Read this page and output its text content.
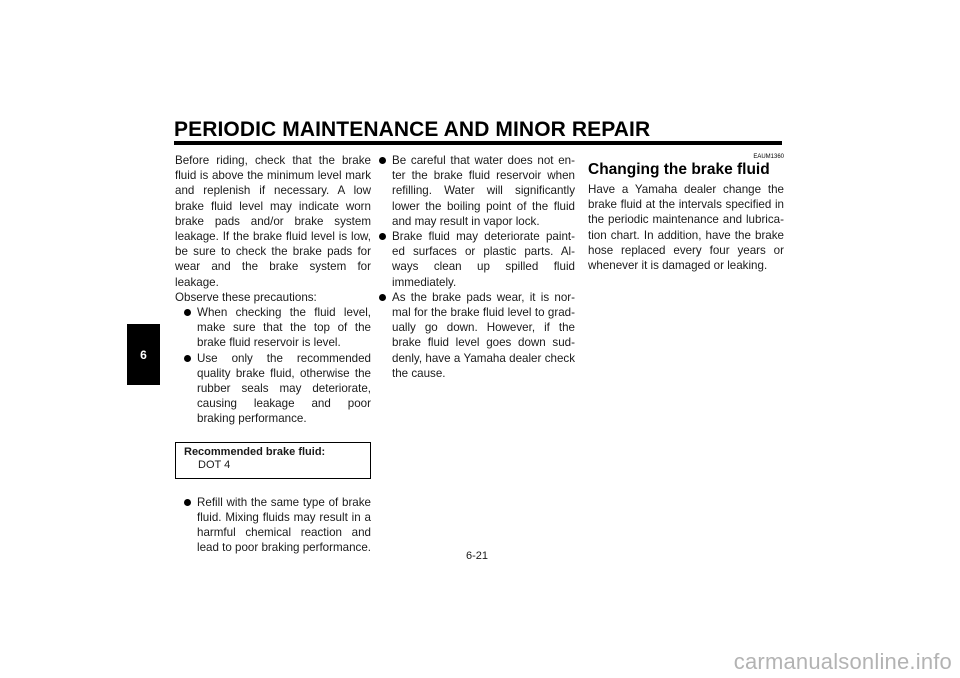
PERIODIC MAINTENANCE AND MINOR REPAIR
6

Before riding, check that the brake fluid is above the minimum level mark and replenish if necessary. A low brake fluid level may indicate worn brake pads and/or brake system leakage. If the brake fluid level is low, be sure to check the brake pads for wear and the brake system for leakage.

Observe these precautions:

When checking the fluid level, make sure that the top of the brake fluid reservoir is level.
Use only the recommended quality brake fluid, otherwise the rubber seals may deteriorate, causing leakage and poor braking performance.
Recommended brake fluid:
DOT 4
Refill with the same type of brake fluid. Mixing fluids may result in a harmful chemical reaction and lead to poor braking performance.
Be careful that water does not en-ter the brake fluid reservoir when refilling. Water will significantly lower the boiling point of the fluid and may result in vapor lock.
Brake fluid may deteriorate paint-ed surfaces or plastic parts. Al-ways clean up spilled fluid immediately.
As the brake pads wear, it is nor-mal for the brake fluid level to grad-ually go down. However, if the brake fluid level goes down sud-denly, have a Yamaha dealer check the cause.
EAUM1360
Changing the brake fluid

Have a Yamaha dealer change the brake fluid at the intervals specified in the periodic maintenance and lubrica-tion chart. In addition, have the brake hose replaced every four years or whenever it is damaged or leaking.

6-21
carmanualsonline.info
